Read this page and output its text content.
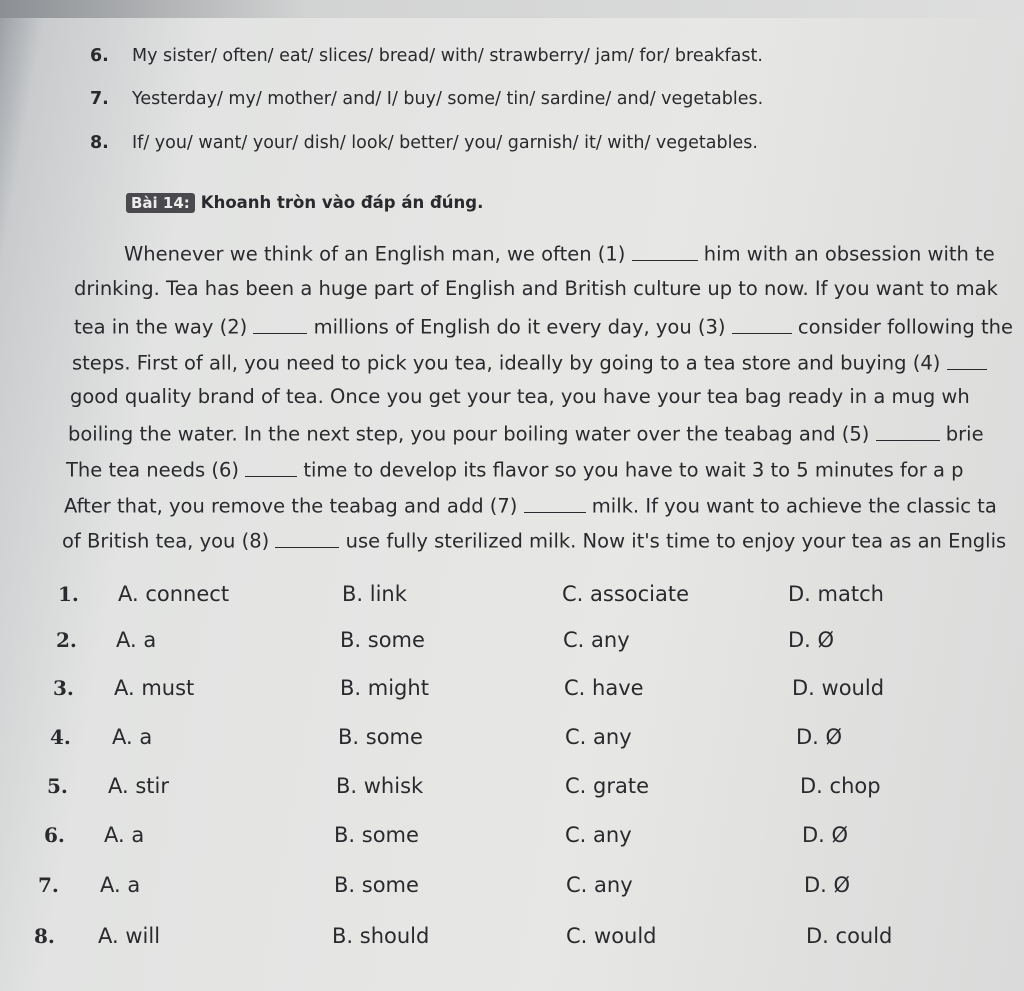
6. My sister/ often/ eat/ slices/ bread/ with/ strawberry/ jam/ for/ breakfast.
7. Yesterday/ my/ mother/ and/ I/ buy/ some/ tin/ sardine/ and/ vegetables.
8. If/ you/ want/ your/ dish/ look/ better/ you/ garnish/ it/ with/ vegetables.
Bài 14: Khoanh tròn vào đáp án đúng.
Whenever we think of an English man, we often (1)	him with an obsession with te
drinking. Tea has been a huge part of English and British culture up to now. If you want to mak
tea in the way (2)	millions of English do it every day, you (3)	consider following the
steps. First of all, you need to pick you tea, ideally by going to a tea store and buying (4)
good quality brand of tea. Once you get your tea, you have your tea bag ready in a mug wh
boiling the water. In the next step, you pour boiling water over the teabag and (5)	brie
The tea needs (6)	time to develop its flavor so you have to wait 3 to 5 minutes for a p
After that, you remove the teabag and add (7)	milk. If you want to achieve the classic ta
of British tea, you (8)	use fully sterilized milk. Now it's time to enjoy your tea as an Englis
1. A. connect	B. link	C. associate	D. match
2. A. a	B. some	C. any	D. Ø
3. A. must	B. might	C. have	D. would
4. A. a	B. some	C. any	D. Ø
5. A. stir	B. whisk	C. grate	D. chop
6. A. a	B. some	C. any	D. Ø
7. A. a	B. some	C. any	D. Ø
8. A. will	B. should	C. would	D. could
